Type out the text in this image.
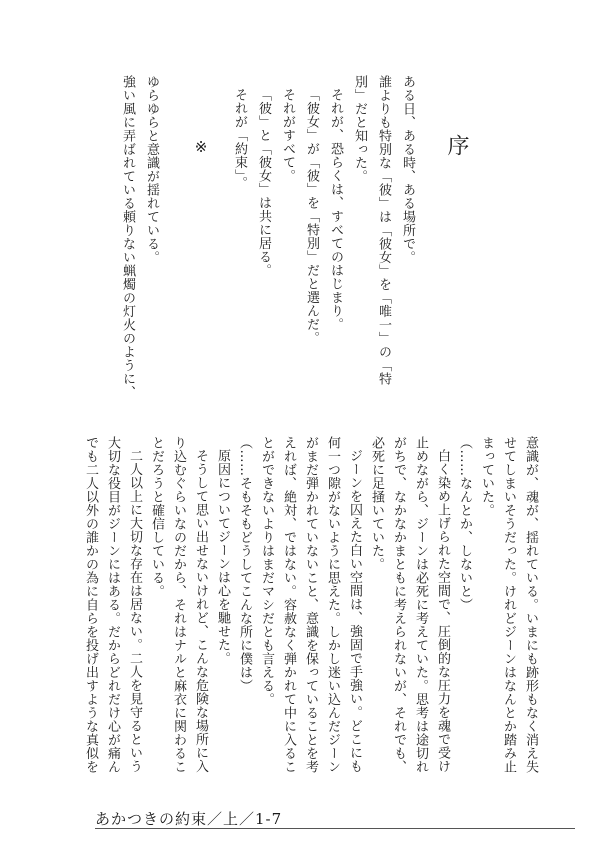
序
ある日、ある時、ある場所で。
誰よりも特別な「彼」は「彼女」を「唯一」の「特
別」だと知った。
それが、恐らくは、すべてのはじまり。
「彼女」が「彼」を「特別」だと選んだ。
それがすべて。
「彼」と「彼女」は共に居る。
それが「約束」。
※
ゆらゆらと意識が揺れている。
強い風に弄ばれている頼りない蝋燭の灯火のように、
意識が、魂が、揺れている。いまにも跡形もなく消え失
せてしまいそうだった。けれどジーンはなんとか踏み止
まっていた。
（……なんとか、しないと）
白く染め上げられた空間で、圧倒的な圧力を魂で受け
止めながら、ジーンは必死に考えていた。思考は途切れ
がちで、なかなかまともに考えられないが、それでも、
必死に足掻いていた。
ジーンを囚えた白い空間は、強固で手強い。どこにも
何一つ隙がないように思えた。しかし迷い込んだジーン
がまだ弾かれていないこと、意識を保っていることを考
えれば、絶対、ではない。容赦なく弾かれて中に入るこ
とができないよりはまだマシだとも言える。
（……そもそもどうしてこんな所に僕は）
原因についてジーンは心を馳せた。
そうして思い出せないけれど、こんな危険な場所に入
り込むぐらいなのだから、それはナルと麻衣に関わるこ
とだろうと確信している。
二人以上に大切な存在は居ない。二人を見守るという
大切な役目がジーンにはある。だからどれだけ心が痛ん
でも二人以外の誰かの為に自らを投げ出すような真似を
あかつきの約束／上／1-7
